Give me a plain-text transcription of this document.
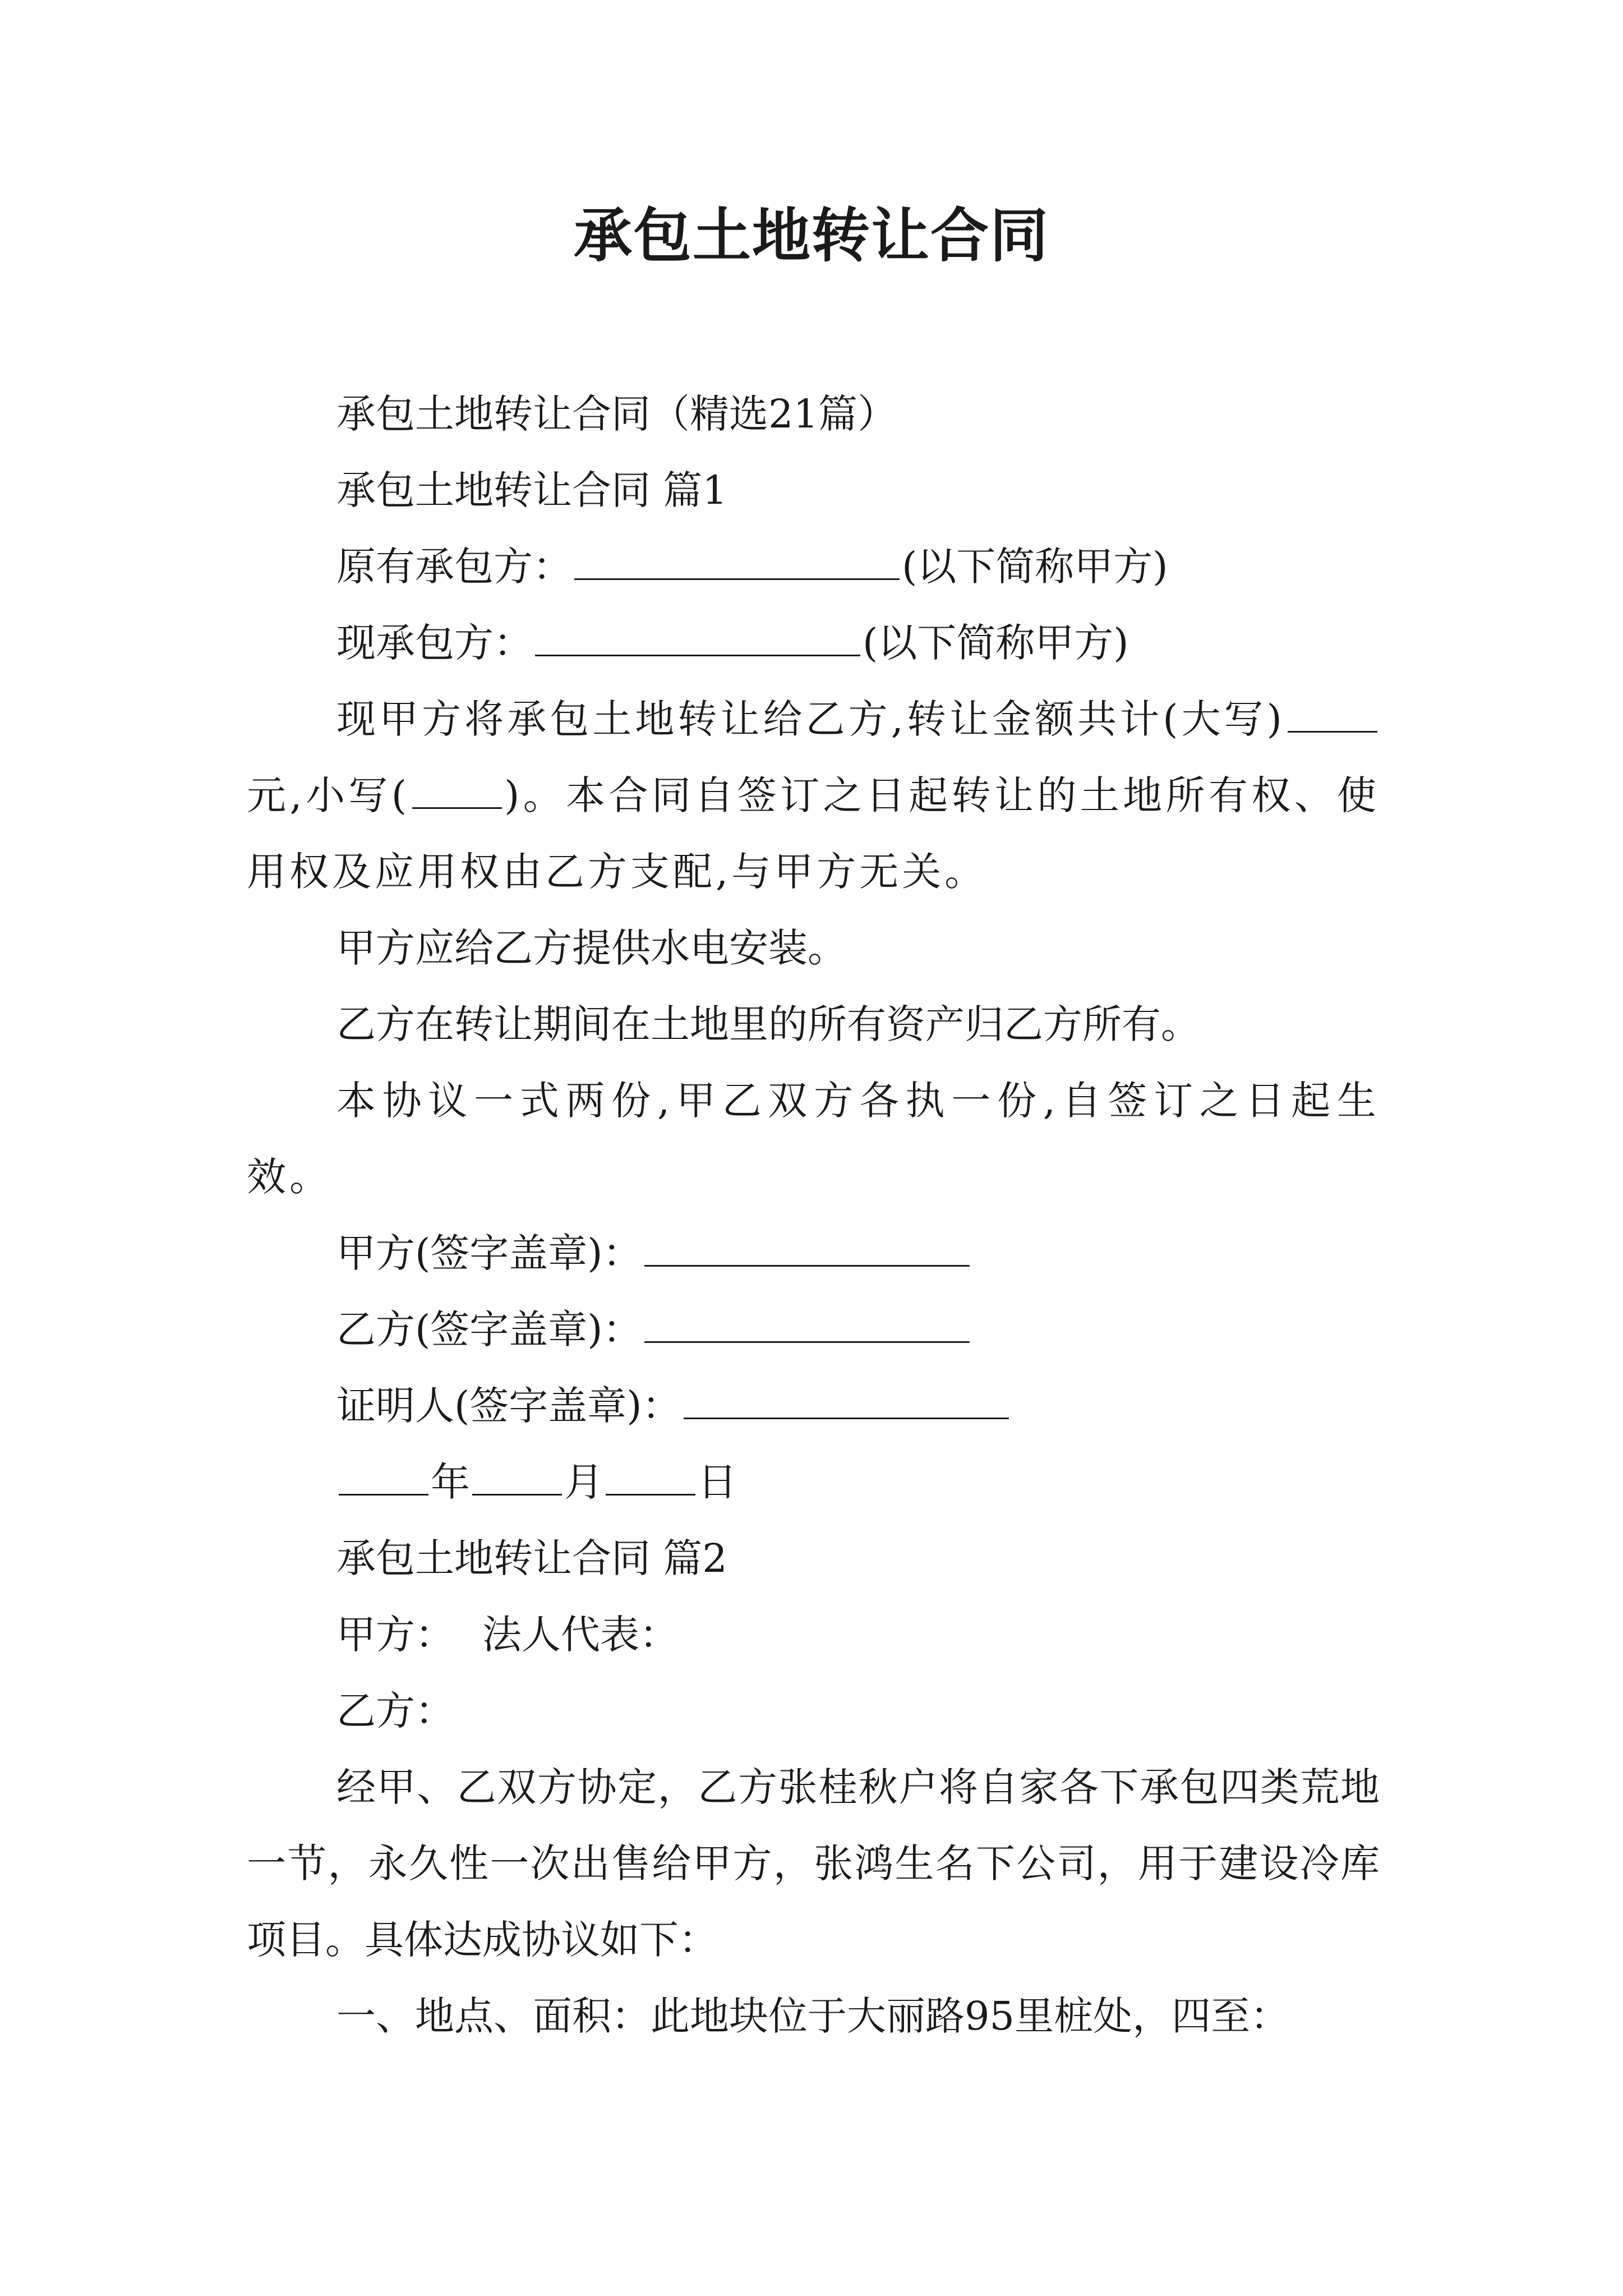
承包土地转让合同

承包土地转让合同（精选21篇）

承包土地转让合同 篇1

原有承包方：	(以下简称甲方)

现承包方：	(以下简称甲方)

现甲方将承包土地转让给乙方,转让金额共计(大写)元,小写( )。本合同自签订之日起转让的土地所有权、使用权及应用权由乙方支配,与甲方无关。

甲方应给乙方提供水电安装。

乙方在转让期间在土地里的所有资产归乙方所有。

本协议一式两份,甲乙双方各执一份,自签订之日起生效。

甲方(签字盖章)：

乙方(签字盖章)：

证明人(签字盖章)：

年 月 日

承包土地转让合同 篇2

甲方： 法人代表：

乙方：

经甲、乙双方协定，乙方张桂秋户将自家各下承包四类荒地一节，永久性一次出售给甲方，张鸿生名下公司，用于建设冷库项目。具体达成协议如下：

一、地点、面积：此地块位于大丽路95里桩处，四至：
